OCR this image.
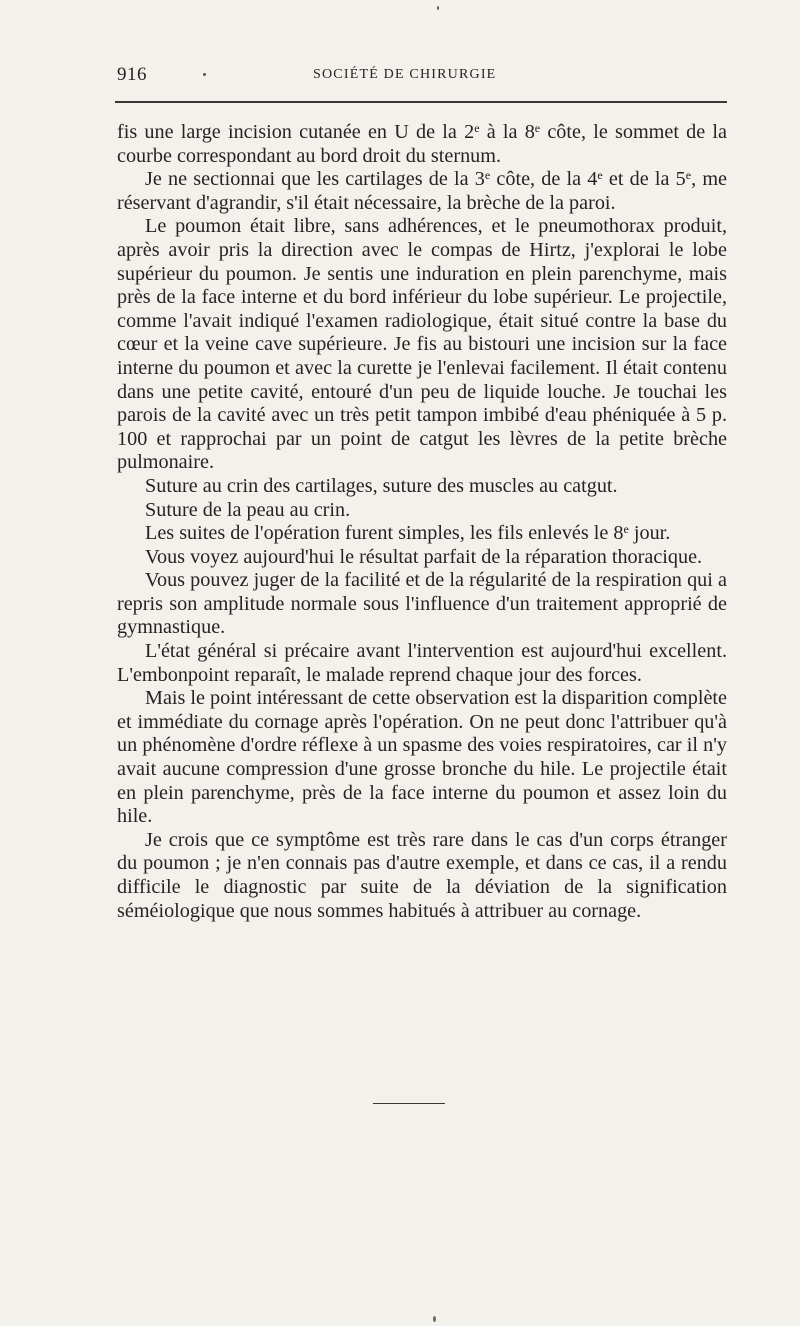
916	SOCIÉTÉ DE CHIRURGIE

fis une large incision cutanée en U de la 2e à la 8e côte, le sommet de la courbe correspondant au bord droit du sternum.

Je ne sectionnai que les cartilages de la 3e côte, de la 4e et de la 5e, me réservant d'agrandir, s'il était nécessaire, la brèche de la paroi.

Le poumon était libre, sans adhérences, et le pneumothorax produit, après avoir pris la direction avec le compas de Hirtz, j'explorai le lobe supérieur du poumon. Je sentis une induration en plein parenchyme, mais près de la face interne et du bord inférieur du lobe supérieur. Le projectile, comme l'avait indiqué l'examen radiologique, était situé contre la base du cœur et la veine cave supérieure. Je fis au bistouri une incision sur la face interne du poumon et avec la curette je l'enlevai facilement. Il était contenu dans une petite cavité, entouré d'un peu de liquide louche. Je touchai les parois de la cavité avec un très petit tampon imbibé d'eau phéniquée à 5 p. 100 et rapprochai par un point de catgut les lèvres de la petite brèche pulmonaire.

Suture au crin des cartilages, suture des muscles au catgut.

Suture de la peau au crin.

Les suites de l'opération furent simples, les fils enlevés le 8e jour.

Vous voyez aujourd'hui le résultat parfait de la réparation thoracique.

Vous pouvez juger de la facilité et de la régularité de la respiration qui a repris son amplitude normale sous l'influence d'un traitement approprié de gymnastique.

L'état général si précaire avant l'intervention est aujourd'hui excellent. L'embonpoint reparaît, le malade reprend chaque jour des forces.

Mais le point intéressant de cette observation est la disparition complète et immédiate du cornage après l'opération. On ne peut donc l'attribuer qu'à un phénomène d'ordre réflexe à un spasme des voies respiratoires, car il n'y avait aucune compression d'une grosse bronche du hile. Le projectile était en plein parenchyme, près de la face interne du poumon et assez loin du hile.

Je crois que ce symptôme est très rare dans le cas d'un corps étranger du poumon ; je n'en connais pas d'autre exemple, et dans ce cas, il a rendu difficile le diagnostic par suite de la déviation de la signification séméiologique que nous sommes habitués à attribuer au cornage.
